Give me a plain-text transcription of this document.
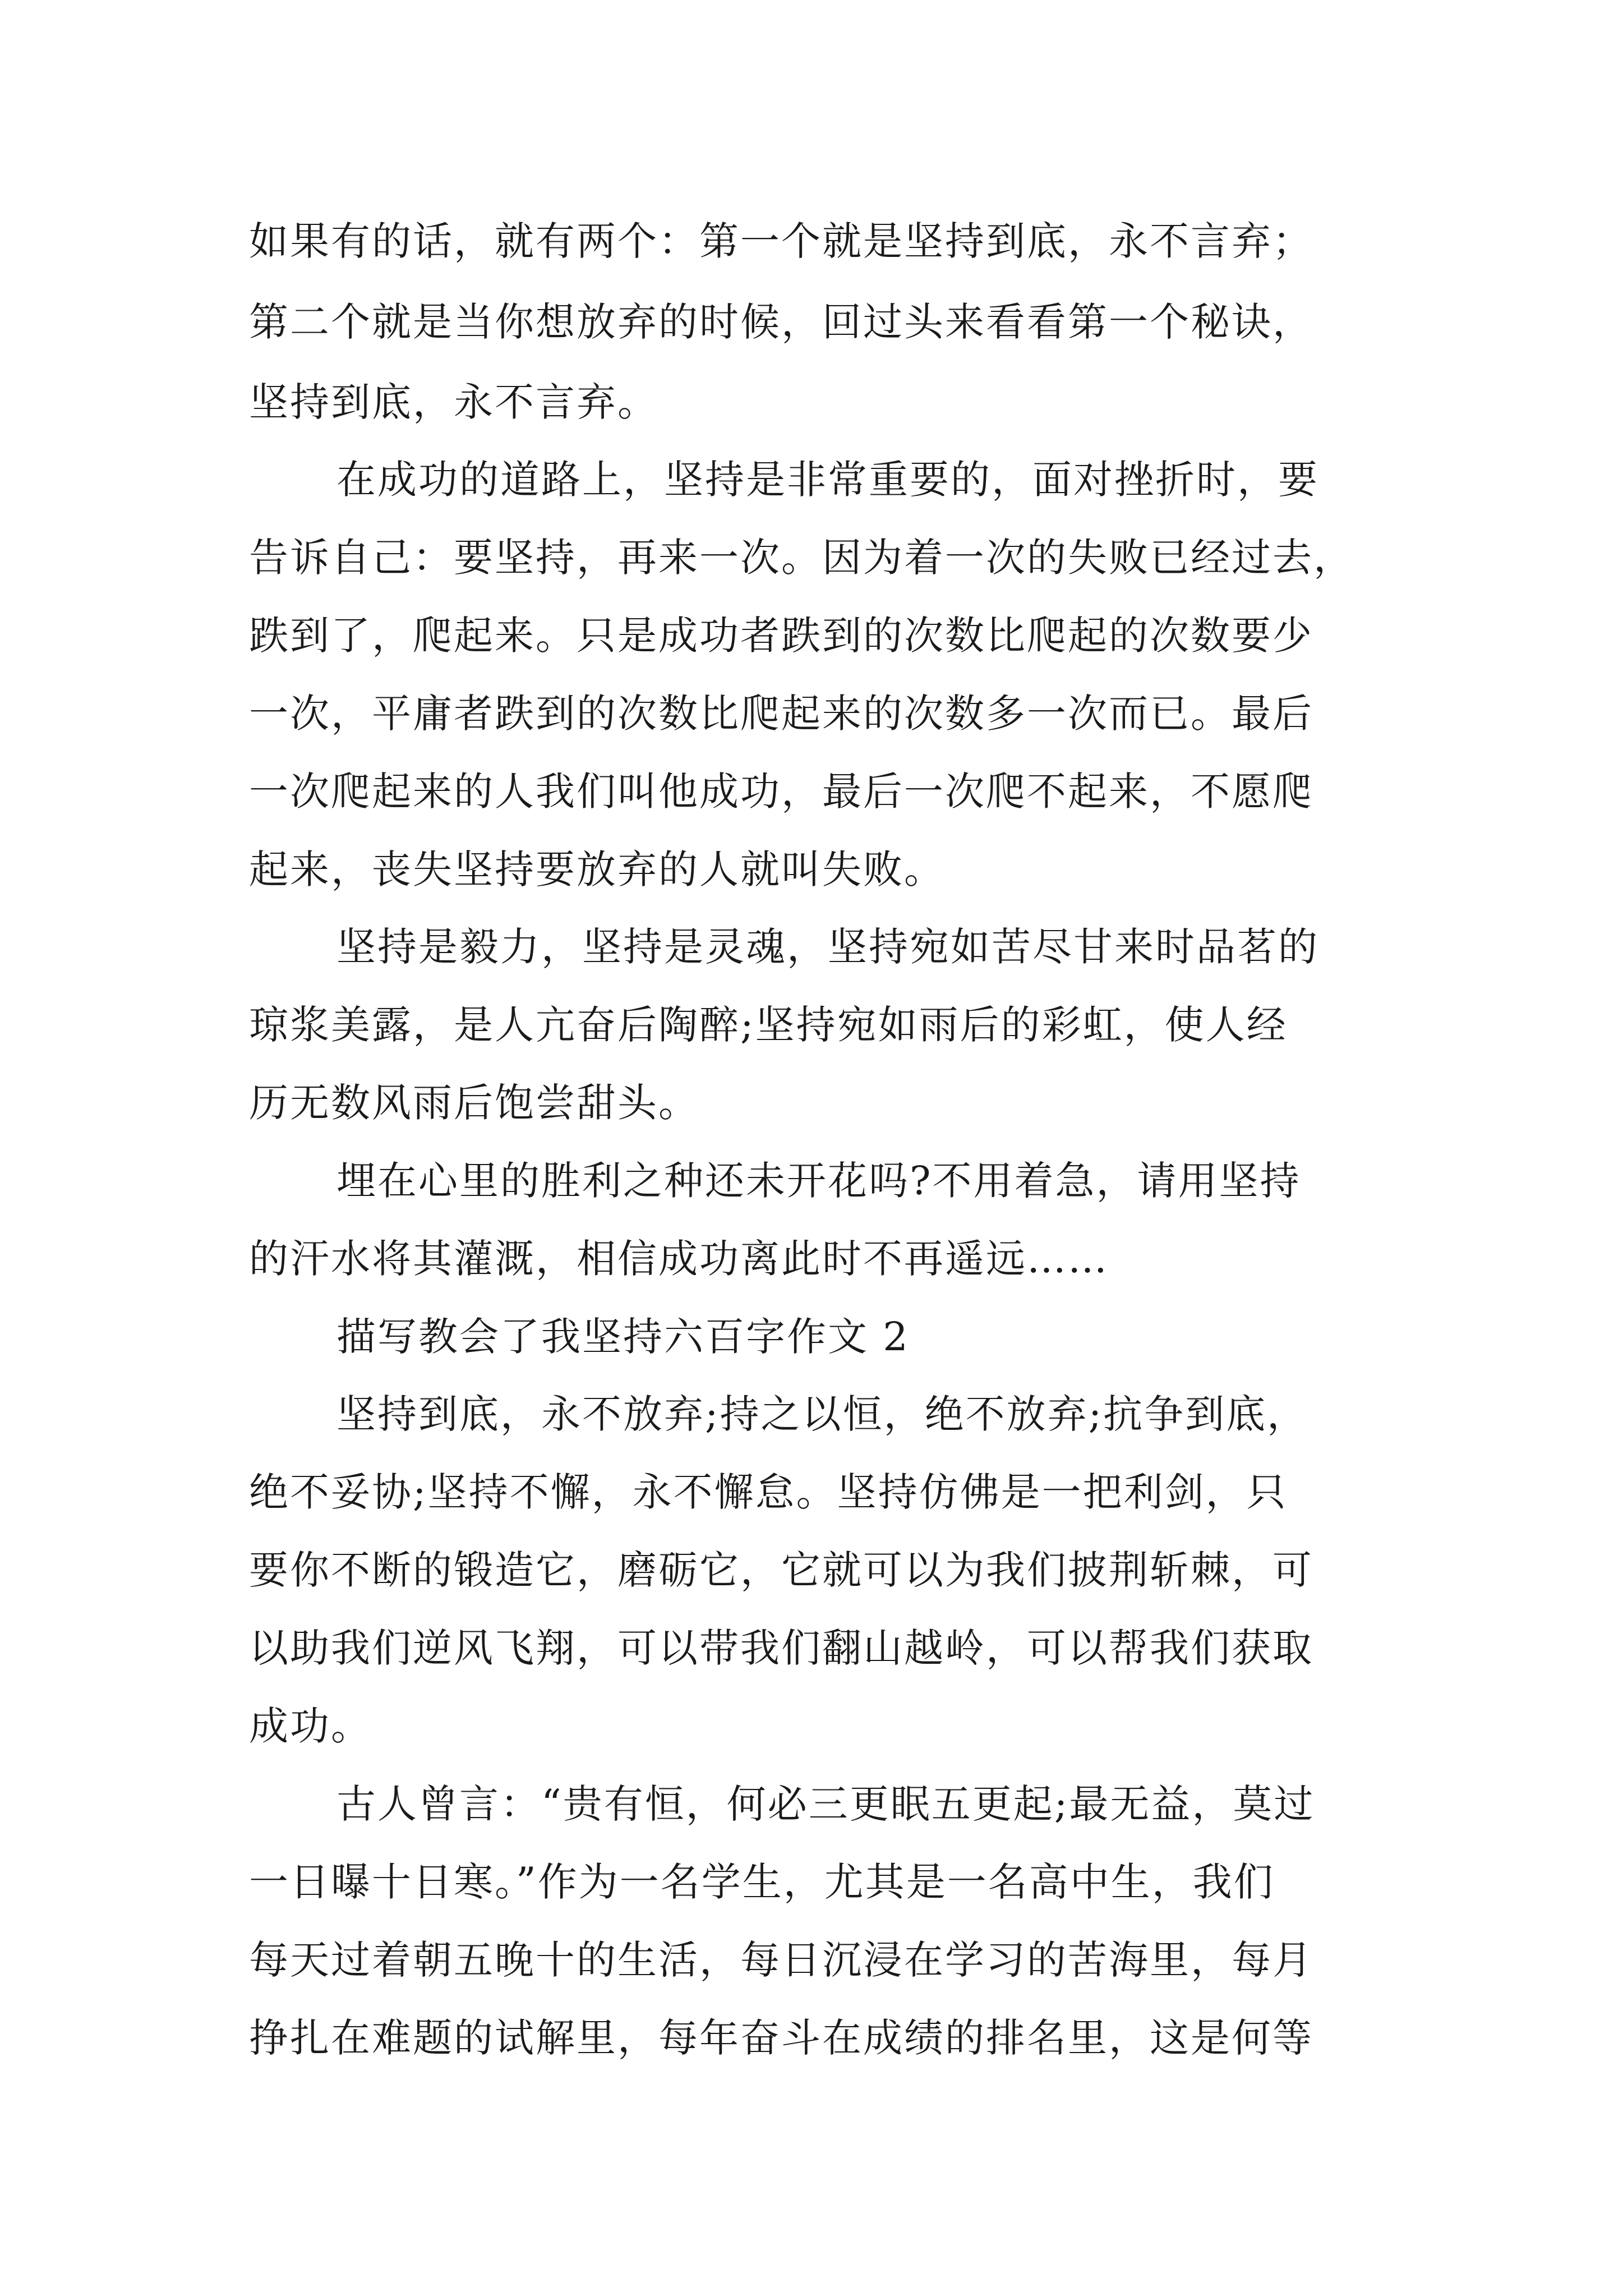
如果有的话，就有两个：第一个就是坚持到底，永不言弃；
第二个就是当你想放弃的时候，回过头来看看第一个秘诀，
坚持到底，永不言弃。
在成功的道路上，坚持是非常重要的，面对挫折时，要
告诉自己：要坚持，再来一次。因为着一次的失败已经过去，
跌到了，爬起来。只是成功者跌到的次数比爬起的次数要少
一次，平庸者跌到的次数比爬起来的次数多一次而已。最后
一次爬起来的人我们叫他成功，最后一次爬不起来，不愿爬
起来，丧失坚持要放弃的人就叫失败。
坚持是毅力，坚持是灵魂，坚持宛如苦尽甘来时品茗的
琼浆美露，是人亢奋后陶醉;坚持宛如雨后的彩虹，使人经
历无数风雨后饱尝甜头。
埋在心里的胜利之种还未开花吗?不用着急，请用坚持
的汗水将其灌溉，相信成功离此时不再遥远……
描写教会了我坚持六百字作文 2
坚持到底，永不放弃;持之以恒，绝不放弃;抗争到底，
绝不妥协;坚持不懈，永不懈怠。坚持仿佛是一把利剑，只
要你不断的锻造它，磨砺它，它就可以为我们披荆斩棘，可
以助我们逆风飞翔，可以带我们翻山越岭，可以帮我们获取
成功。
古人曾言：“贵有恒，何必三更眠五更起;最无益，莫过
一日曝十日寒。”作为一名学生，尤其是一名高中生，我们
每天过着朝五晚十的生活，每日沉浸在学习的苦海里，每月
挣扎在难题的试解里，每年奋斗在成绩的排名里，这是何等
